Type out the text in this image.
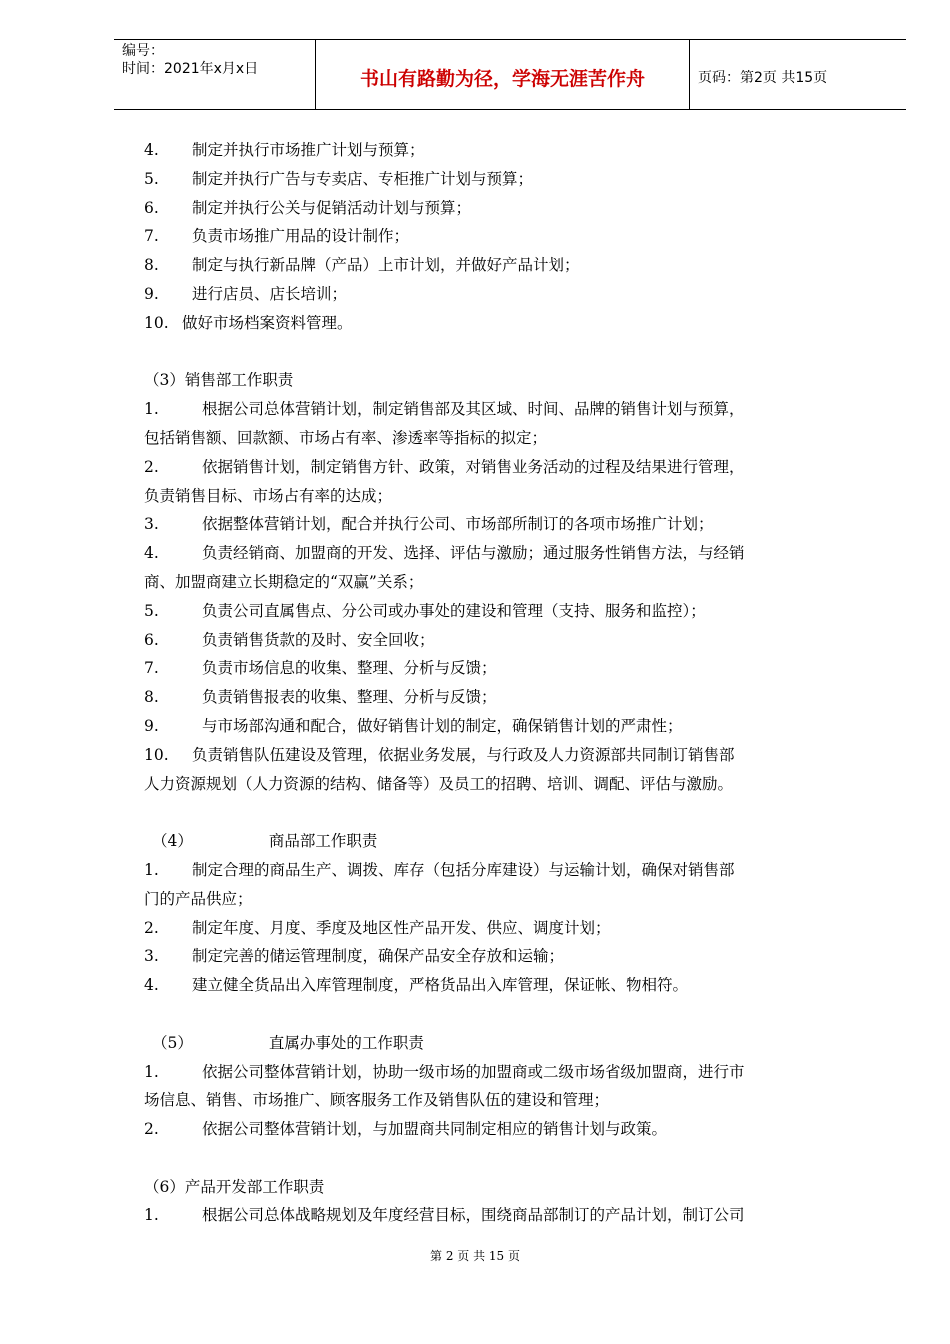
编号：
时间：2021年x月x日	书山有路勤为径，学海无涯苦作舟	页码：第2页 共15页
4. 制定并执行市场推广计划与预算；
5. 制定并执行广告与专卖店、专柜推广计划与预算；
6. 制定并执行公关与促销活动计划与预算；
7. 负责市场推广用品的设计制作；
8. 制定与执行新品牌（产品）上市计划，并做好产品计划；
9. 进行店员、店长培训；
10. 做好市场档案资料管理。
（3）销售部工作职责
1.	根据公司总体营销计划，制定销售部及其区域、时间、品牌的销售计划与预算，
包括销售额、回款额、市场占有率、渗透率等指标的拟定；
2.	依据销售计划，制定销售方针、政策，对销售业务活动的过程及结果进行管理，
负责销售目标、市场占有率的达成；
3.	依据整体营销计划，配合并执行公司、市场部所制订的各项市场推广计划；
4.	负责经销商、加盟商的开发、选择、评估与激励；通过服务性销售方法，与经销
商、加盟商建立长期稳定的“双赢”关系；
5.	负责公司直属售点、分公司或办事处的建设和管理（支持、服务和监控）；
6.	负责销售货款的及时、安全回收；
7.	负责市场信息的收集、整理、分析与反馈；
8.	负责销售报表的收集、整理、分析与反馈；
9.	与市场部沟通和配合，做好销售计划的制定，确保销售计划的严肃性；
10. 负责销售队伍建设及管理，依据业务发展，与行政及人力资源部共同制订销售部
人力资源规划（人力资源的结构、储备等）及员工的招聘、培训、调配、评估与激励。
（4）	商品部工作职责
1. 制定合理的商品生产、调拨、库存（包括分库建设）与运输计划，确保对销售部
门的产品供应；
2. 制定年度、月度、季度及地区性产品开发、供应、调度计划；
3. 制定完善的储运管理制度，确保产品安全存放和运输；
4. 建立健全货品出入库管理制度，严格货品出入库管理，保证帐、物相符。
（5）	直属办事处的工作职责
1.	依据公司整体营销计划，协助一级市场的加盟商或二级市场省级加盟商，进行市
场信息、销售、市场推广、顾客服务工作及销售队伍的建设和管理；
2.	依据公司整体营销计划，与加盟商共同制定相应的销售计划与政策。
（6）产品开发部工作职责
1.	根据公司总体战略规划及年度经营目标，围绕商品部制订的产品计划，制订公司
第 2 页 共 15 页
